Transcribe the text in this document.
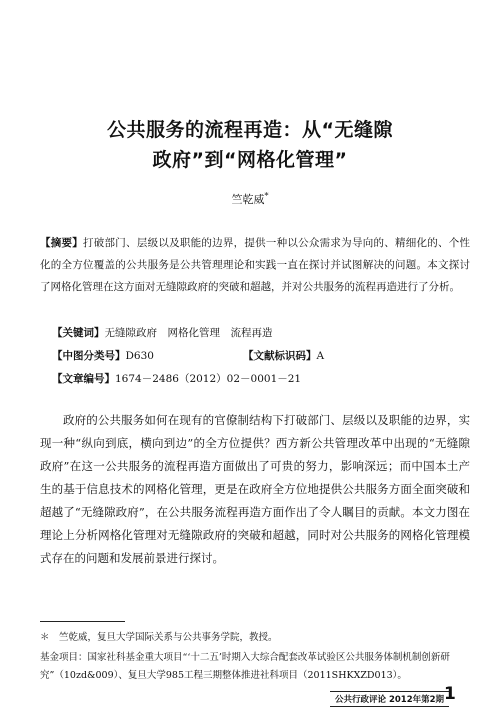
公共服务的流程再造：从“无缝隙
政府”到“网格化管理”
竺乾威*
【摘要】打破部门、层级以及职能的边界，提供一种以公众需求为导向的、精细化的、个性化的全方位覆盖的公共服务是公共管理理论和实践一直在探讨并试图解决的问题。本文探讨了网格化管理在这方面对无缝隙政府的突破和超越，并对公共服务的流程再造进行了分析。
【关键词】无缝隙政府　网格化管理　流程再造
【中图分类号】D630	【文献标识码】A
【文章编号】1674－2486（2012）02－0001－21

政府的公共服务如何在现有的官僚制结构下打破部门、层级以及职能的边界，实现一种“纵向到底，横向到边”的全方位提供？西方新公共管理改革中出现的“无缝隙政府”在这一公共服务的流程再造方面做出了可贵的努力，影响深远；而中国本土产生的基于信息技术的网格化管理，更是在政府全方位地提供公共服务方面全面突破和超越了“无缝隙政府”，在公共服务流程再造方面作出了令人瞩目的贡献。本文力图在理论上分析网格化管理对无缝隙政府的突破和超越，同时对公共服务的网格化管理模式存在的问题和发展前景进行探讨。

＊　竺乾威，复旦大学国际关系与公共事务学院，教授。
基金项目：国家社科基金重大项目“‘十二五’时期入大综合配套改革试验区公共服务体制机制创新研究”（10zd&009）、复旦大学985工程三期整体推进社科项目（2011SHKXZD013）。
公共行政评论 2012年第2期 1
